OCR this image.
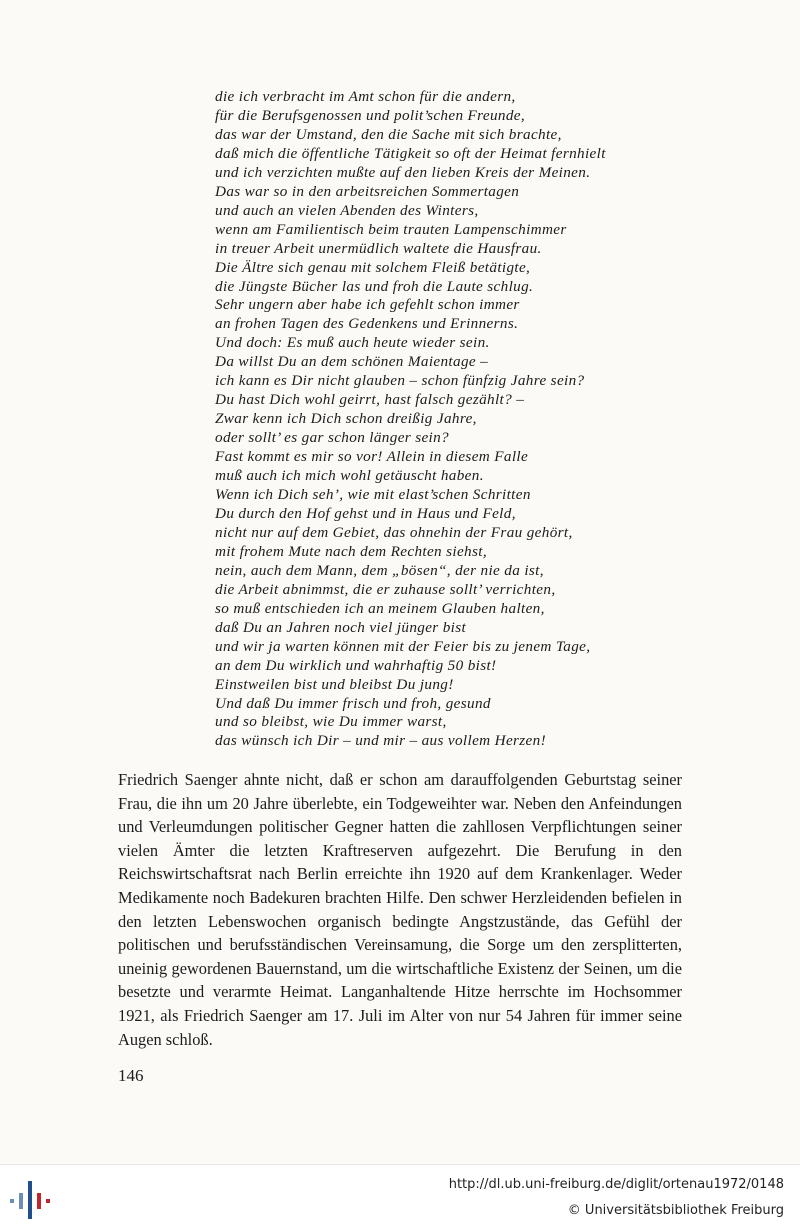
die ich verbracht im Amt schon für die andern,
für die Berufsgenossen und polit’schen Freunde,
das war der Umstand, den die Sache mit sich brachte,
daß mich die öffentliche Tätigkeit so oft der Heimat fernhielt
und ich verzichten mußte auf den lieben Kreis der Meinen.
Das war so in den arbeitsreichen Sommertagen
und auch an vielen Abenden des Winters,
wenn am Familientisch beim trauten Lampenschimmer
in treuer Arbeit unermüdlich waltete die Hausfrau.
Die Ältre sich genau mit solchem Fleiß betätigte,
die Jüngste Bücher las und froh die Laute schlug.
Sehr ungern aber habe ich gefehlt schon immer
an frohen Tagen des Gedenkens und Erinnerns.
Und doch: Es muß auch heute wieder sein.
Da willst Du an dem schönen Maientage –
ich kann es Dir nicht glauben – schon fünfzig Jahre sein?
Du hast Dich wohl geirrt, hast falsch gezählt? –
Zwar kenn ich Dich schon dreißig Jahre,
oder sollt’ es gar schon länger sein?
Fast kommt es mir so vor! Allein in diesem Falle
muß auch ich mich wohl getäuscht haben.
Wenn ich Dich seh’, wie mit elast’schen Schritten
Du durch den Hof gehst und in Haus und Feld,
nicht nur auf dem Gebiet, das ohnehin der Frau gehört,
mit frohem Mute nach dem Rechten siehst,
nein, auch dem Mann, dem „bösen“, der nie da ist,
die Arbeit abnimmst, die er zuhause sollt’ verrichten,
so muß entschieden ich an meinem Glauben halten,
daß Du an Jahren noch viel jünger bist
und wir ja warten können mit der Feier bis zu jenem Tage,
an dem Du wirklich und wahrhaftig 50 bist!
Einstweilen bist und bleibst Du jung!
Und daß Du immer frisch und froh, gesund
und so bleibst, wie Du immer warst,
das wünsch ich Dir – und mir – aus vollem Herzen!

Friedrich Saenger ahnte nicht, daß er schon am darauffolgenden Geburtstag seiner Frau, die ihn um 20 Jahre überlebte, ein Todgeweihter war. Neben den Anfeindungen und Verleumdungen politischer Gegner hatten die zahllosen Verpflichtungen seiner vielen Ämter die letzten Kraftreserven aufgezehrt. Die Berufung in den Reichswirtschaftsrat nach Berlin erreichte ihn 1920 auf dem Krankenlager. Weder Medikamente noch Badekuren brachten Hilfe. Den schwer Herzleidenden befielen in den letzten Lebenswochen organisch bedingte Angstzustände, das Gefühl der politischen und berufsständischen Vereinsamung, die Sorge um den zersplitterten, uneinig gewordenen Bauernstand, um die wirtschaftliche Existenz der Seinen, um die besetzte und verarmte Heimat. Langanhaltende Hitze herrschte im Hochsommer 1921, als Friedrich Saenger am 17. Juli im Alter von nur 54 Jahren für immer seine Augen schloß.

146
http://dl.ub.uni-freiburg.de/diglit/ortenau1972/0148
© Universitätsbibliothek Freiburg
